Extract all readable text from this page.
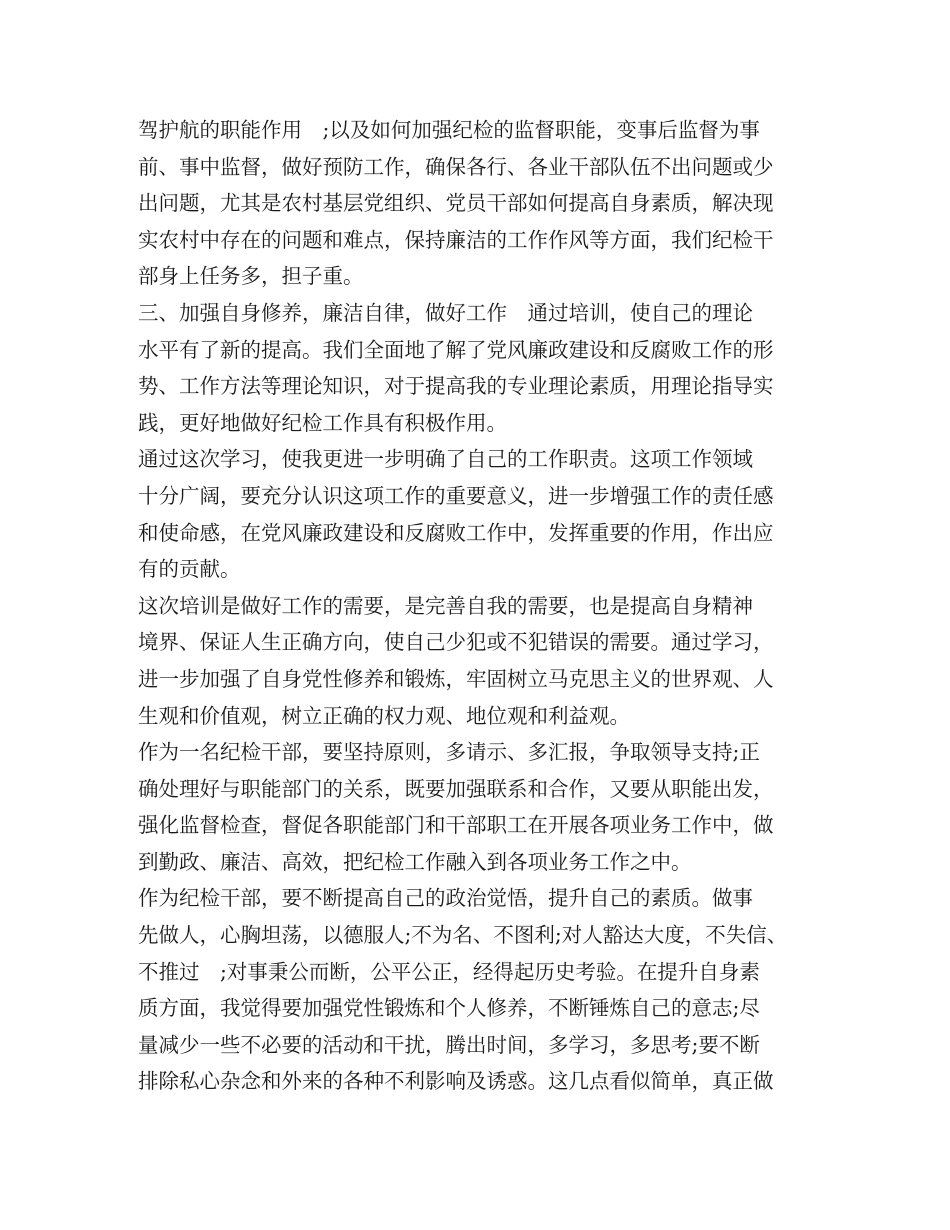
驾护航的职能作用　;以及如何加强纪检的监督职能，变事后监督为事
前、事中监督，做好预防工作，确保各行、各业干部队伍不出问题或少
出问题，尤其是农村基层党组织、党员干部如何提高自身素质，解决现
实农村中存在的问题和难点，保持廉洁的工作作风等方面，我们纪检干
部身上任务多，担子重。
三、加强自身修养，廉洁自律，做好工作　通过培训，使自己的理论
水平有了新的提高。我们全面地了解了党风廉政建设和反腐败工作的形
势、工作方法等理论知识，对于提高我的专业理论素质，用理论指导实
践，更好地做好纪检工作具有积极作用。
通过这次学习，使我更进一步明确了自己的工作职责。这项工作领域
十分广阔，要充分认识这项工作的重要意义，进一步增强工作的责任感
和使命感，在党风廉政建设和反腐败工作中，发挥重要的作用，作出应
有的贡献。
这次培训是做好工作的需要，是完善自我的需要，也是提高自身精神
境界、保证人生正确方向，使自己少犯或不犯错误的需要。通过学习，
进一步加强了自身党性修养和锻炼，牢固树立马克思主义的世界观、人
生观和价值观，树立正确的权力观、地位观和利益观。
作为一名纪检干部，要坚持原则，多请示、多汇报，争取领导支持;正
确处理好与职能部门的关系，既要加强联系和合作，又要从职能出发，
强化监督检查，督促各职能部门和干部职工在开展各项业务工作中，做
到勤政、廉洁、高效，把纪检工作融入到各项业务工作之中。
作为纪检干部，要不断提高自己的政治觉悟，提升自己的素质。做事
先做人，心胸坦荡，以德服人;不为名、不图利;对人豁达大度，不失信、
不推过　;对事秉公而断，公平公正，经得起历史考验。在提升自身素
质方面，我觉得要加强党性锻炼和个人修养，不断锤炼自己的意志;尽
量减少一些不必要的活动和干扰，腾出时间，多学习，多思考;要不断
排除私心杂念和外来的各种不利影响及诱惑。这几点看似简单，真正做
